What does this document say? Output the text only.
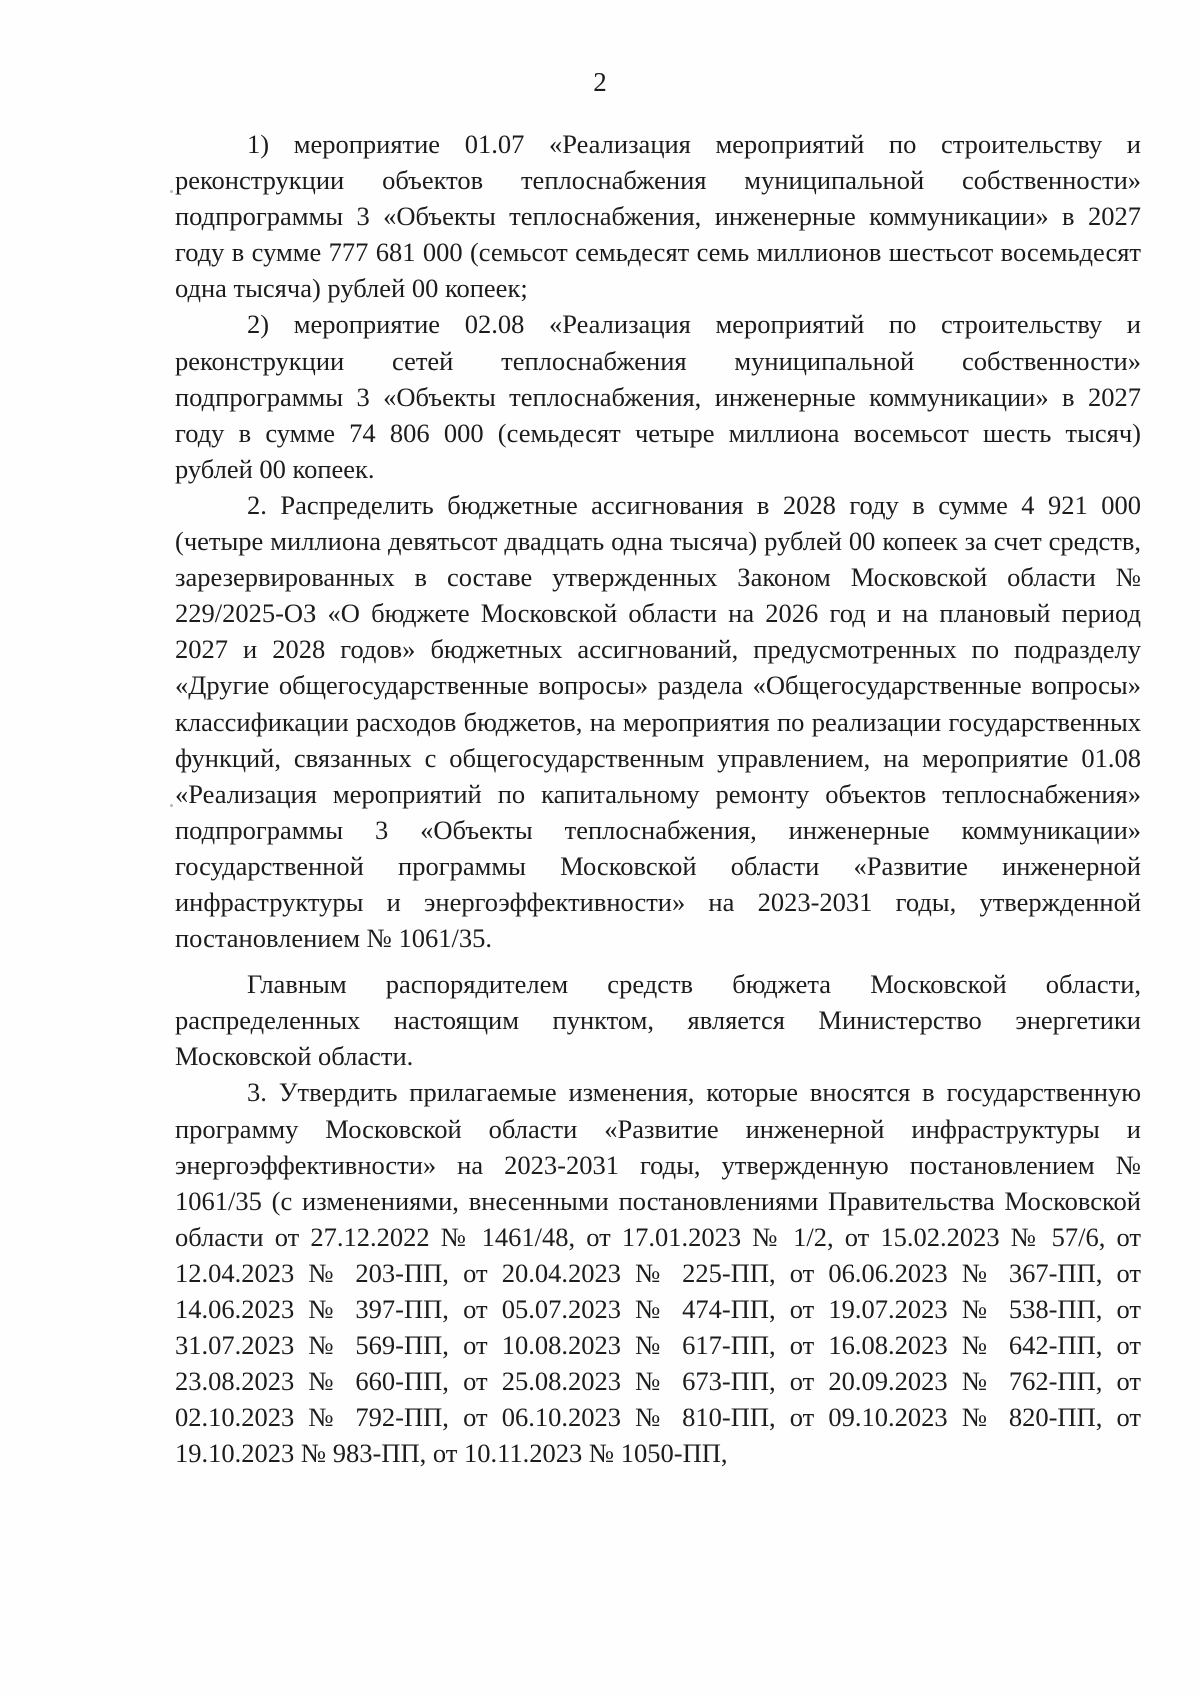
2

1) мероприятие 01.07 «Реализация мероприятий по строительству и реконструкции объектов теплоснабжения муниципальной собственности» подпрограммы 3 «Объекты теплоснабжения, инженерные коммуникации» в 2027 году в сумме 777 681 000 (семьсот семьдесят семь миллионов шестьсот восемьдесят одна тысяча) рублей 00 копеек;

2) мероприятие 02.08 «Реализация мероприятий по строительству и реконструкции сетей теплоснабжения муниципальной собственности» подпрограммы 3 «Объекты теплоснабжения, инженерные коммуникации» в 2027 году в сумме 74 806 000 (семьдесят четыре миллиона восемьсот шесть тысяч) рублей 00 копеек.

2. Распределить бюджетные ассигнования в 2028 году в сумме 4 921 000 (четыре миллиона девятьсот двадцать одна тысяча) рублей 00 копеек за счет средств, зарезервированных в составе утвержденных Законом Московской области № 229/2025-ОЗ «О бюджете Московской области на 2026 год и на плановый период 2027 и 2028 годов» бюджетных ассигнований, предусмотренных по подразделу «Другие общегосударственные вопросы» раздела «Общегосударственные вопросы» классификации расходов бюджетов, на мероприятия по реализации государственных функций, связанных с общегосударственным управлением, на мероприятие 01.08 «Реализация мероприятий по капитальному ремонту объектов теплоснабжения» подпрограммы 3 «Объекты теплоснабжения, инженерные коммуникации» государственной программы Московской области «Развитие инженерной инфраструктуры и энергоэффективности» на 2023-2031 годы, утвержденной постановлением № 1061/35.

Главным распорядителем средств бюджета Московской области, распределенных настоящим пунктом, является Министерство энергетики Московской области.

3. Утвердить прилагаемые изменения, которые вносятся в государственную программу Московской области «Развитие инженерной инфраструктуры и энергоэффективности» на 2023-2031 годы, утвержденную постановлением № 1061/35 (с изменениями, внесенными постановлениями Правительства Московской области от 27.12.2022 № 1461/48, от 17.01.2023 № 1/2, от 15.02.2023 № 57/6, от 12.04.2023 № 203-ПП, от 20.04.2023 № 225-ПП, от 06.06.2023 № 367-ПП, от 14.06.2023 № 397-ПП, от 05.07.2023 № 474-ПП, от 19.07.2023 № 538-ПП, от 31.07.2023 № 569-ПП, от 10.08.2023 № 617-ПП, от 16.08.2023 № 642-ПП, от 23.08.2023 № 660-ПП, от 25.08.2023 № 673-ПП, от 20.09.2023 № 762-ПП, от 02.10.2023 № 792-ПП, от 06.10.2023 № 810-ПП, от 09.10.2023 № 820-ПП, от 19.10.2023 № 983-ПП, от 10.11.2023 № 1050-ПП,
